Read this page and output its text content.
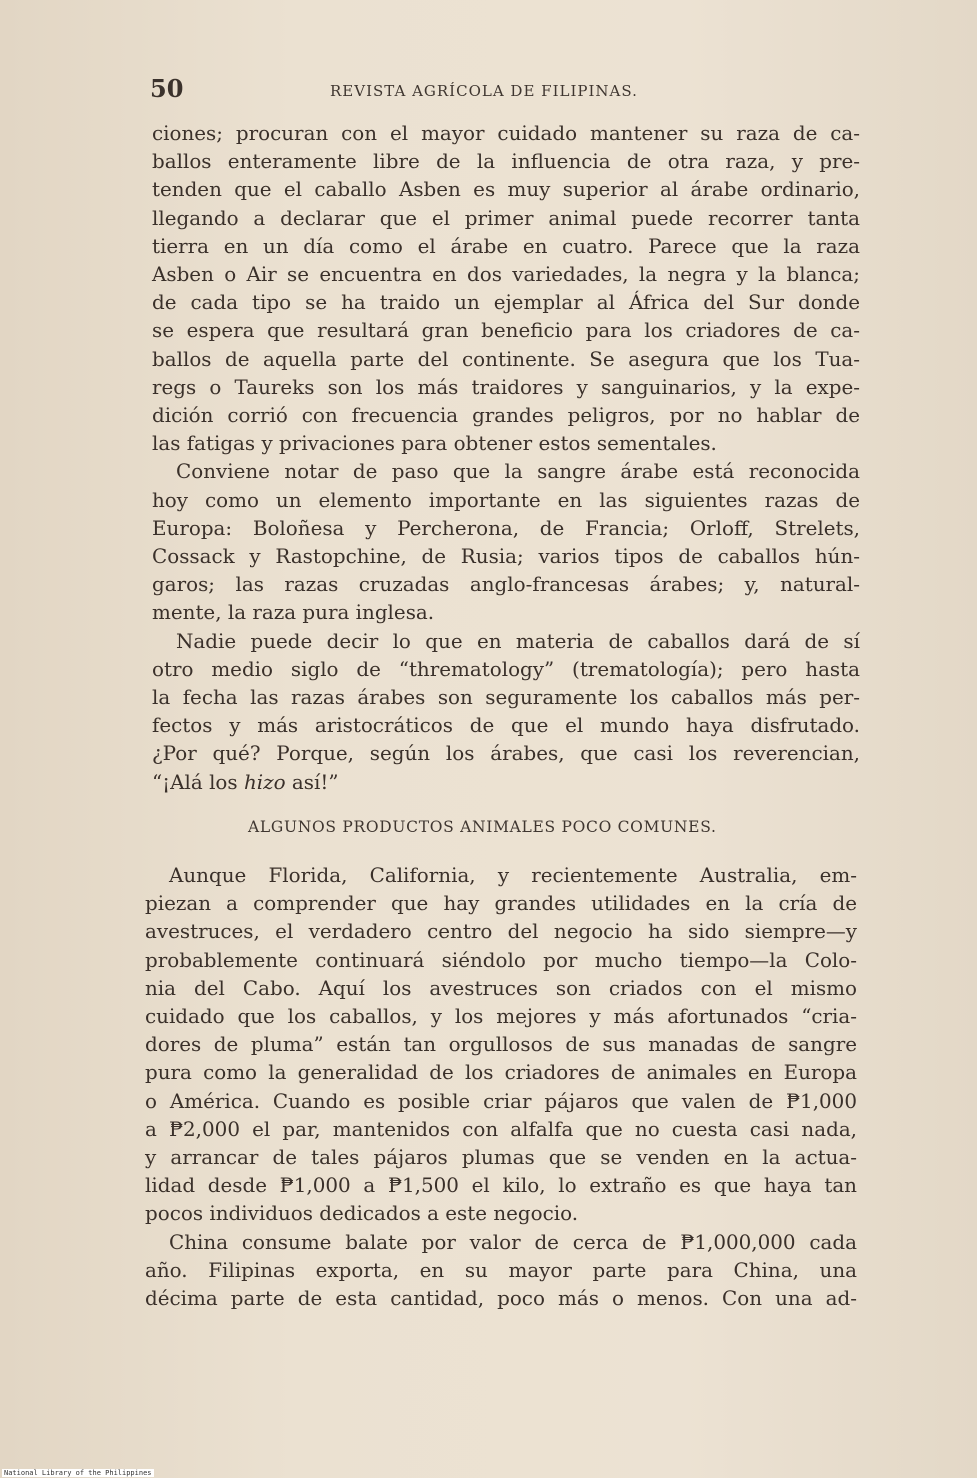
50	REVISTA AGRÍCOLA DE FILIPINAS.

ciones; procuran con el mayor cuidado mantener su raza de ca-
ballos enteramente libre de la influencia de otra raza, y pre-
tenden que el caballo Asben es muy superior al árabe ordinario,
llegando a declarar que el primer animal puede recorrer tanta
tierra en un día como el árabe en cuatro. Parece que la raza
Asben o Air se encuentra en dos variedades, la negra y la blanca;
de cada tipo se ha traido un ejemplar al África del Sur donde
se espera que resultará gran beneficio para los criadores de ca-
ballos de aquella parte del continente. Se asegura que los Tua-
regs o Taureks son los más traidores y sanguinarios, y la expe-
dición corrió con frecuencia grandes peligros, por no hablar de
las fatigas y privaciones para obtener estos sementales.

Conviene notar de paso que la sangre árabe está reconocida
hoy como un elemento importante en las siguientes razas de
Europa: Boloñesa y Percherona, de Francia; Orloff, Strelets,
Cossack y Rastopchine, de Rusia; varios tipos de caballos hún-
garos; las razas cruzadas anglo-francesas árabes; y, natural-
mente, la raza pura inglesa.

Nadie puede decir lo que en materia de caballos dará de sí
otro medio siglo de “thrematology” (trematología); pero hasta
la fecha las razas árabes son seguramente los caballos más per-
fectos y más aristocráticos de que el mundo haya disfrutado.
¿Por qué? Porque, según los árabes, que casi los reverencian,
“¡Alá los hizo así!”

ALGUNOS PRODUCTOS ANIMALES POCO COMUNES.

Aunque Florida, California, y recientemente Australia, em-
piezan a comprender que hay grandes utilidades en la cría de
avestruces, el verdadero centro del negocio ha sido siempre—y
probablemente continuará siéndolo por mucho tiempo—la Colo-
nia del Cabo. Aquí los avestruces son criados con el mismo
cuidado que los caballos, y los mejores y más afortunados “cria-
dores de pluma” están tan orgullosos de sus manadas de sangre
pura como la generalidad de los criadores de animales en Europa
o América. Cuando es posible criar pájaros que valen de ₱1,000
a ₱2,000 el par, mantenidos con alfalfa que no cuesta casi nada,
y arrancar de tales pájaros plumas que se venden en la actua-
lidad desde ₱1,000 a ₱1,500 el kilo, lo extraño es que haya tan
pocos individuos dedicados a este negocio.

China consume balate por valor de cerca de ₱1,000,000 cada
año. Filipinas exporta, en su mayor parte para China, una
décima parte de esta cantidad, poco más o menos. Con una ad-

National Library of the Philippines
